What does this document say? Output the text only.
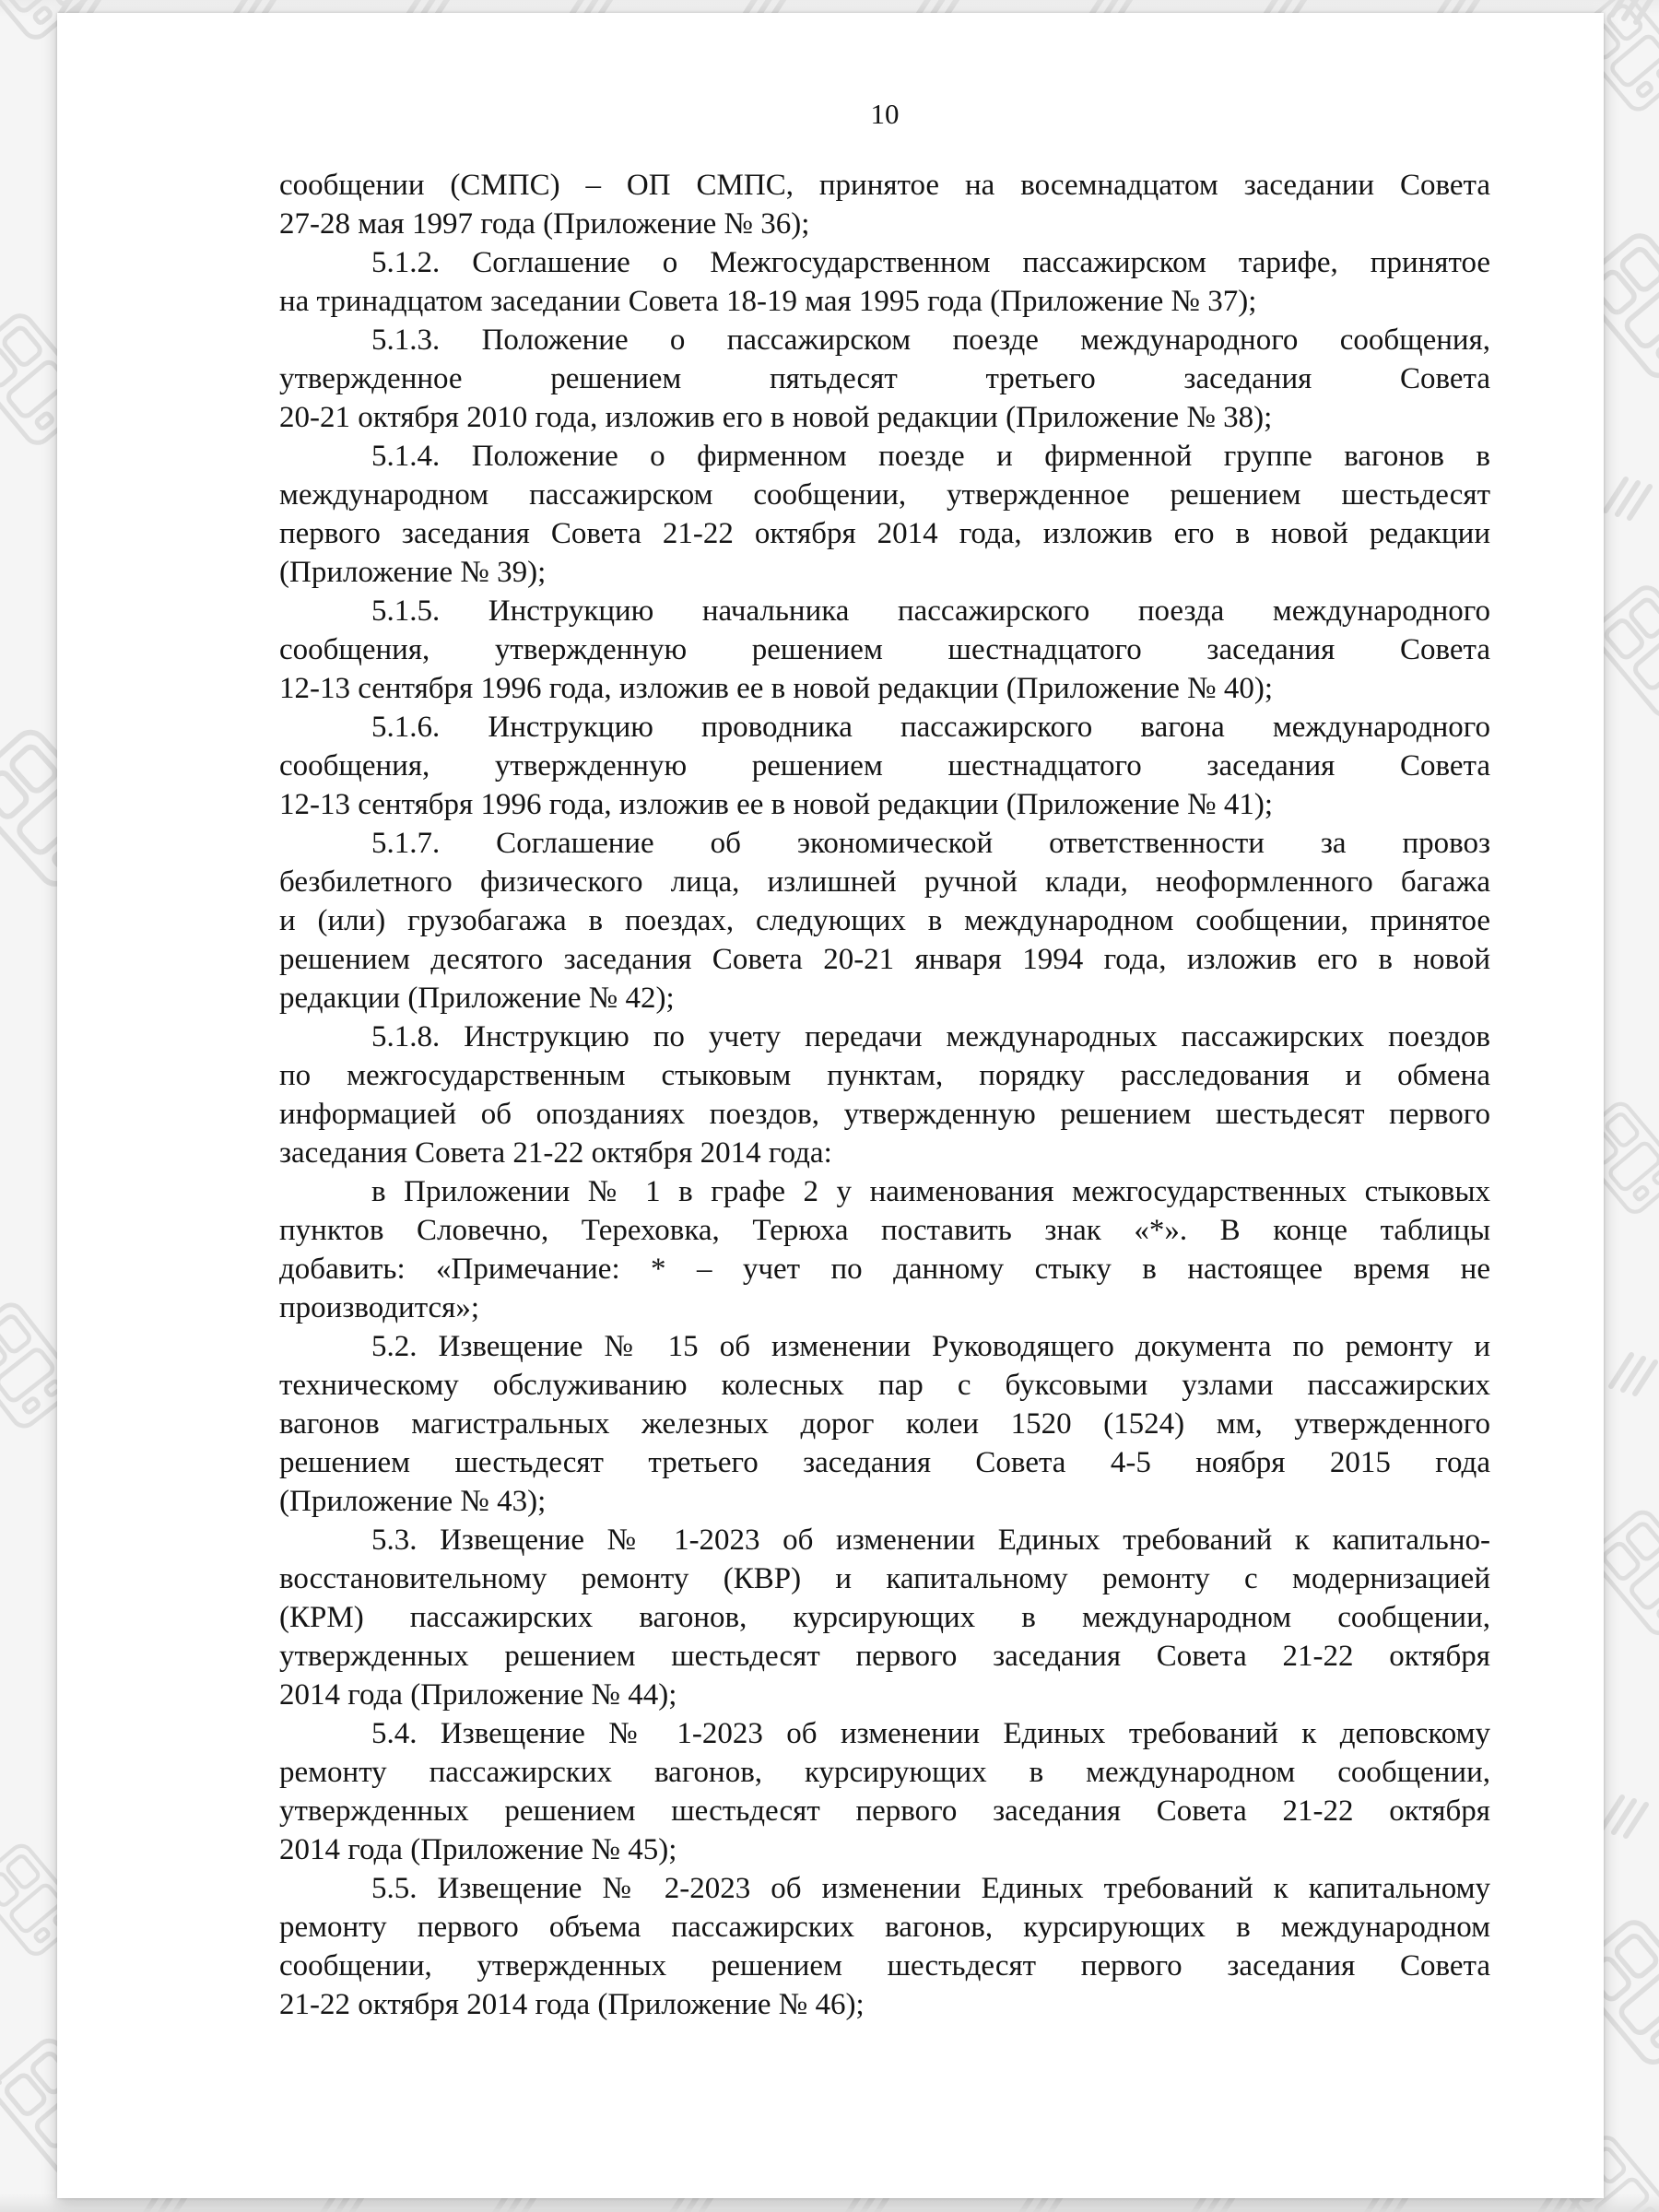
10
сообщении (СМПС) – ОП СМПС, принятое на восемнадцатом заседании Совета
27-28 мая 1997 года (Приложение № 36);
5.1.2. Соглашение о Межгосударственном пассажирском тарифе, принятое
на тринадцатом заседании Совета 18-19 мая 1995 года (Приложение № 37);
5.1.3. Положение о пассажирском поезде международного сообщения,
утвержденное решением пятьдесят третьего заседания Совета
20-21 октября 2010 года, изложив его в новой редакции (Приложение № 38);
5.1.4. Положение о фирменном поезде и фирменной группе вагонов в
международном пассажирском сообщении, утвержденное решением шестьдесят
первого заседания Совета 21-22 октября 2014 года, изложив его в новой редакции
(Приложение № 39);
5.1.5. Инструкцию начальника пассажирского поезда международного
сообщения, утвержденную решением шестнадцатого заседания Совета
12-13 сентября 1996 года, изложив ее в новой редакции (Приложение № 40);
5.1.6. Инструкцию проводника пассажирского вагона международного
сообщения, утвержденную решением шестнадцатого заседания Совета
12-13 сентября 1996 года, изложив ее в новой редакции (Приложение № 41);
5.1.7. Соглашение об экономической ответственности за провоз
безбилетного физического лица, излишней ручной клади, неоформленного багажа
и (или) грузобагажа в поездах, следующих в международном сообщении, принятое
решением десятого заседания Совета 20-21 января 1994 года, изложив его в новой
редакции (Приложение № 42);
5.1.8. Инструкцию по учету передачи международных пассажирских поездов
по межгосударственным стыковым пунктам, порядку расследования и обмена
информацией об опозданиях поездов, утвержденную решением шестьдесят первого
заседания Совета 21-22 октября 2014 года:
в Приложении № 1 в графе 2 у наименования межгосударственных стыковых
пунктов Словечно, Тереховка, Терюха поставить знак «*». В конце таблицы
добавить: «Примечание: * – учет по данному стыку в настоящее время не
производится»;
5.2. Извещение № 15 об изменении Руководящего документа по ремонту и
техническому обслуживанию колесных пар с буксовыми узлами пассажирских
вагонов магистральных железных дорог колеи 1520 (1524) мм, утвержденного
решением шестьдесят третьего заседания Совета 4-5 ноября 2015 года
(Приложение № 43);
5.3. Извещение № 1-2023 об изменении Единых требований к капитально-
восстановительному ремонту (КВР) и капитальному ремонту с модернизацией
(КРМ) пассажирских вагонов, курсирующих в международном сообщении,
утвержденных решением шестьдесят первого заседания Совета 21-22 октября
2014 года (Приложение № 44);
5.4. Извещение № 1-2023 об изменении Единых требований к деповскому
ремонту пассажирских вагонов, курсирующих в международном сообщении,
утвержденных решением шестьдесят первого заседания Совета 21-22 октября
2014 года (Приложение № 45);
5.5. Извещение № 2-2023 об изменении Единых требований к капитальному
ремонту первого объема пассажирских вагонов, курсирующих в международном
сообщении, утвержденных решением шестьдесят первого заседания Совета
21-22 октября 2014 года (Приложение № 46);
